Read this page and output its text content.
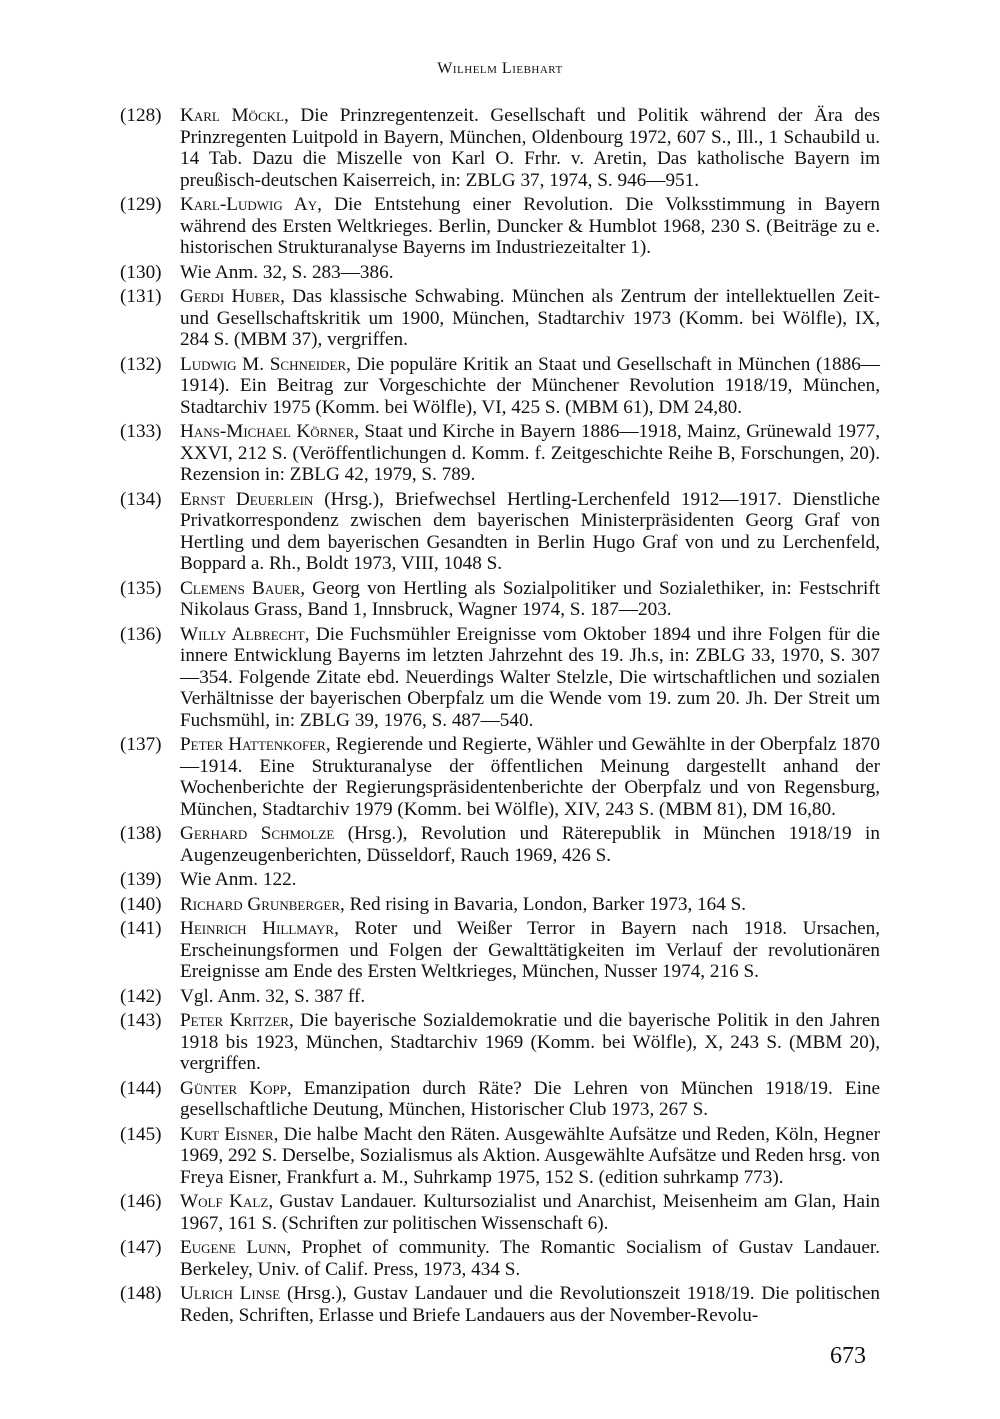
Wilhelm Liebhart
(128) Karl Möckl, Die Prinzregentenzeit. Gesellschaft und Politik während der Ära des Prinzregenten Luitpold in Bayern, München, Oldenbourg 1972, 607 S., Ill., 1 Schaubild u. 14 Tab. Dazu die Miszelle von Karl O. Frhr. v. Aretin, Das katholische Bayern im preußisch-deutschen Kaiserreich, in: ZBLG 37, 1974, S. 946—951.
(129) Karl-Ludwig Ay, Die Entstehung einer Revolution. Die Volksstimmung in Bayern während des Ersten Weltkrieges. Berlin, Duncker & Humblot 1968, 230 S. (Beiträge zu e. historischen Strukturanalyse Bayerns im Industriezeitalter 1).
(130) Wie Anm. 32, S. 283—386.
(131) Gerdi Huber, Das klassische Schwabing. München als Zentrum der intellektuellen Zeit- und Gesellschaftskritik um 1900, München, Stadtarchiv 1973 (Komm. bei Wölfle), IX, 284 S. (MBM 37), vergriffen.
(132) Ludwig M. Schneider, Die populäre Kritik an Staat und Gesellschaft in München (1886—1914). Ein Beitrag zur Vorgeschichte der Münchener Revolution 1918/19, München, Stadtarchiv 1975 (Komm. bei Wölfle), VI, 425 S. (MBM 61), DM 24,80.
(133) Hans-Michael Körner, Staat und Kirche in Bayern 1886—1918, Mainz, Grünewald 1977, XXVI, 212 S. (Veröffentlichungen d. Komm. f. Zeitgeschichte Reihe B, Forschungen, 20). Rezension in: ZBLG 42, 1979, S. 789.
(134) Ernst Deuerlein (Hrsg.), Briefwechsel Hertling-Lerchenfeld 1912—1917. Dienstliche Privatkorrespondenz zwischen dem bayerischen Ministerpräsidenten Georg Graf von Hertling und dem bayerischen Gesandten in Berlin Hugo Graf von und zu Lerchenfeld, Boppard a. Rh., Boldt 1973, VIII, 1048 S.
(135) Clemens Bauer, Georg von Hertling als Sozialpolitiker und Sozialethiker, in: Festschrift Nikolaus Grass, Band 1, Innsbruck, Wagner 1974, S. 187—203.
(136) Willy Albrecht, Die Fuchsmühler Ereignisse vom Oktober 1894 und ihre Folgen für die innere Entwicklung Bayerns im letzten Jahrzehnt des 19. Jh.s, in: ZBLG 33, 1970, S. 307—354. Folgende Zitate ebd. Neuerdings Walter Stelzle, Die wirtschaftlichen und sozialen Verhältnisse der bayerischen Oberpfalz um die Wende vom 19. zum 20. Jh. Der Streit um Fuchsmühl, in: ZBLG 39, 1976, S. 487—540.
(137) Peter Hattenkofer, Regierende und Regierte, Wähler und Gewählte in der Oberpfalz 1870—1914. Eine Strukturanalyse der öffentlichen Meinung dargestellt anhand der Wochenberichte der Regierungspräsidentenberichte der Oberpfalz und von Regensburg, München, Stadtarchiv 1979 (Komm. bei Wölfle), XIV, 243 S. (MBM 81), DM 16,80.
(138) Gerhard Schmolze (Hrsg.), Revolution und Räterepublik in München 1918/19 in Augenzeugenberichten, Düsseldorf, Rauch 1969, 426 S.
(139) Wie Anm. 122.
(140) Richard Grunberger, Red rising in Bavaria, London, Barker 1973, 164 S.
(141) Heinrich Hillmayr, Roter und Weißer Terror in Bayern nach 1918. Ursachen, Erscheinungsformen und Folgen der Gewalttätigkeiten im Verlauf der revolutionären Ereignisse am Ende des Ersten Weltkrieges, München, Nusser 1974, 216 S.
(142) Vgl. Anm. 32, S. 387 ff.
(143) Peter Kritzer, Die bayerische Sozialdemokratie und die bayerische Politik in den Jahren 1918 bis 1923, München, Stadtarchiv 1969 (Komm. bei Wölfle), X, 243 S. (MBM 20), vergriffen.
(144) Günter Kopp, Emanzipation durch Räte? Die Lehren von München 1918/19. Eine gesellschaftliche Deutung, München, Historischer Club 1973, 267 S.
(145) Kurt Eisner, Die halbe Macht den Räten. Ausgewählte Aufsätze und Reden, Köln, Hegner 1969, 292 S. Derselbe, Sozialismus als Aktion. Ausgewählte Aufsätze und Reden hrsg. von Freya Eisner, Frankfurt a. M., Suhrkamp 1975, 152 S. (edition suhrkamp 773).
(146) Wolf Kalz, Gustav Landauer. Kultursozialist und Anarchist, Meisenheim am Glan, Hain 1967, 161 S. (Schriften zur politischen Wissenschaft 6).
(147) Eugene Lunn, Prophet of community. The Romantic Socialism of Gustav Landauer. Berkeley, Univ. of Calif. Press, 1973, 434 S.
(148) Ulrich Linse (Hrsg.), Gustav Landauer und die Revolutionszeit 1918/19. Die politischen Reden, Schriften, Erlasse und Briefe Landauers aus der November-Revolu-
673
